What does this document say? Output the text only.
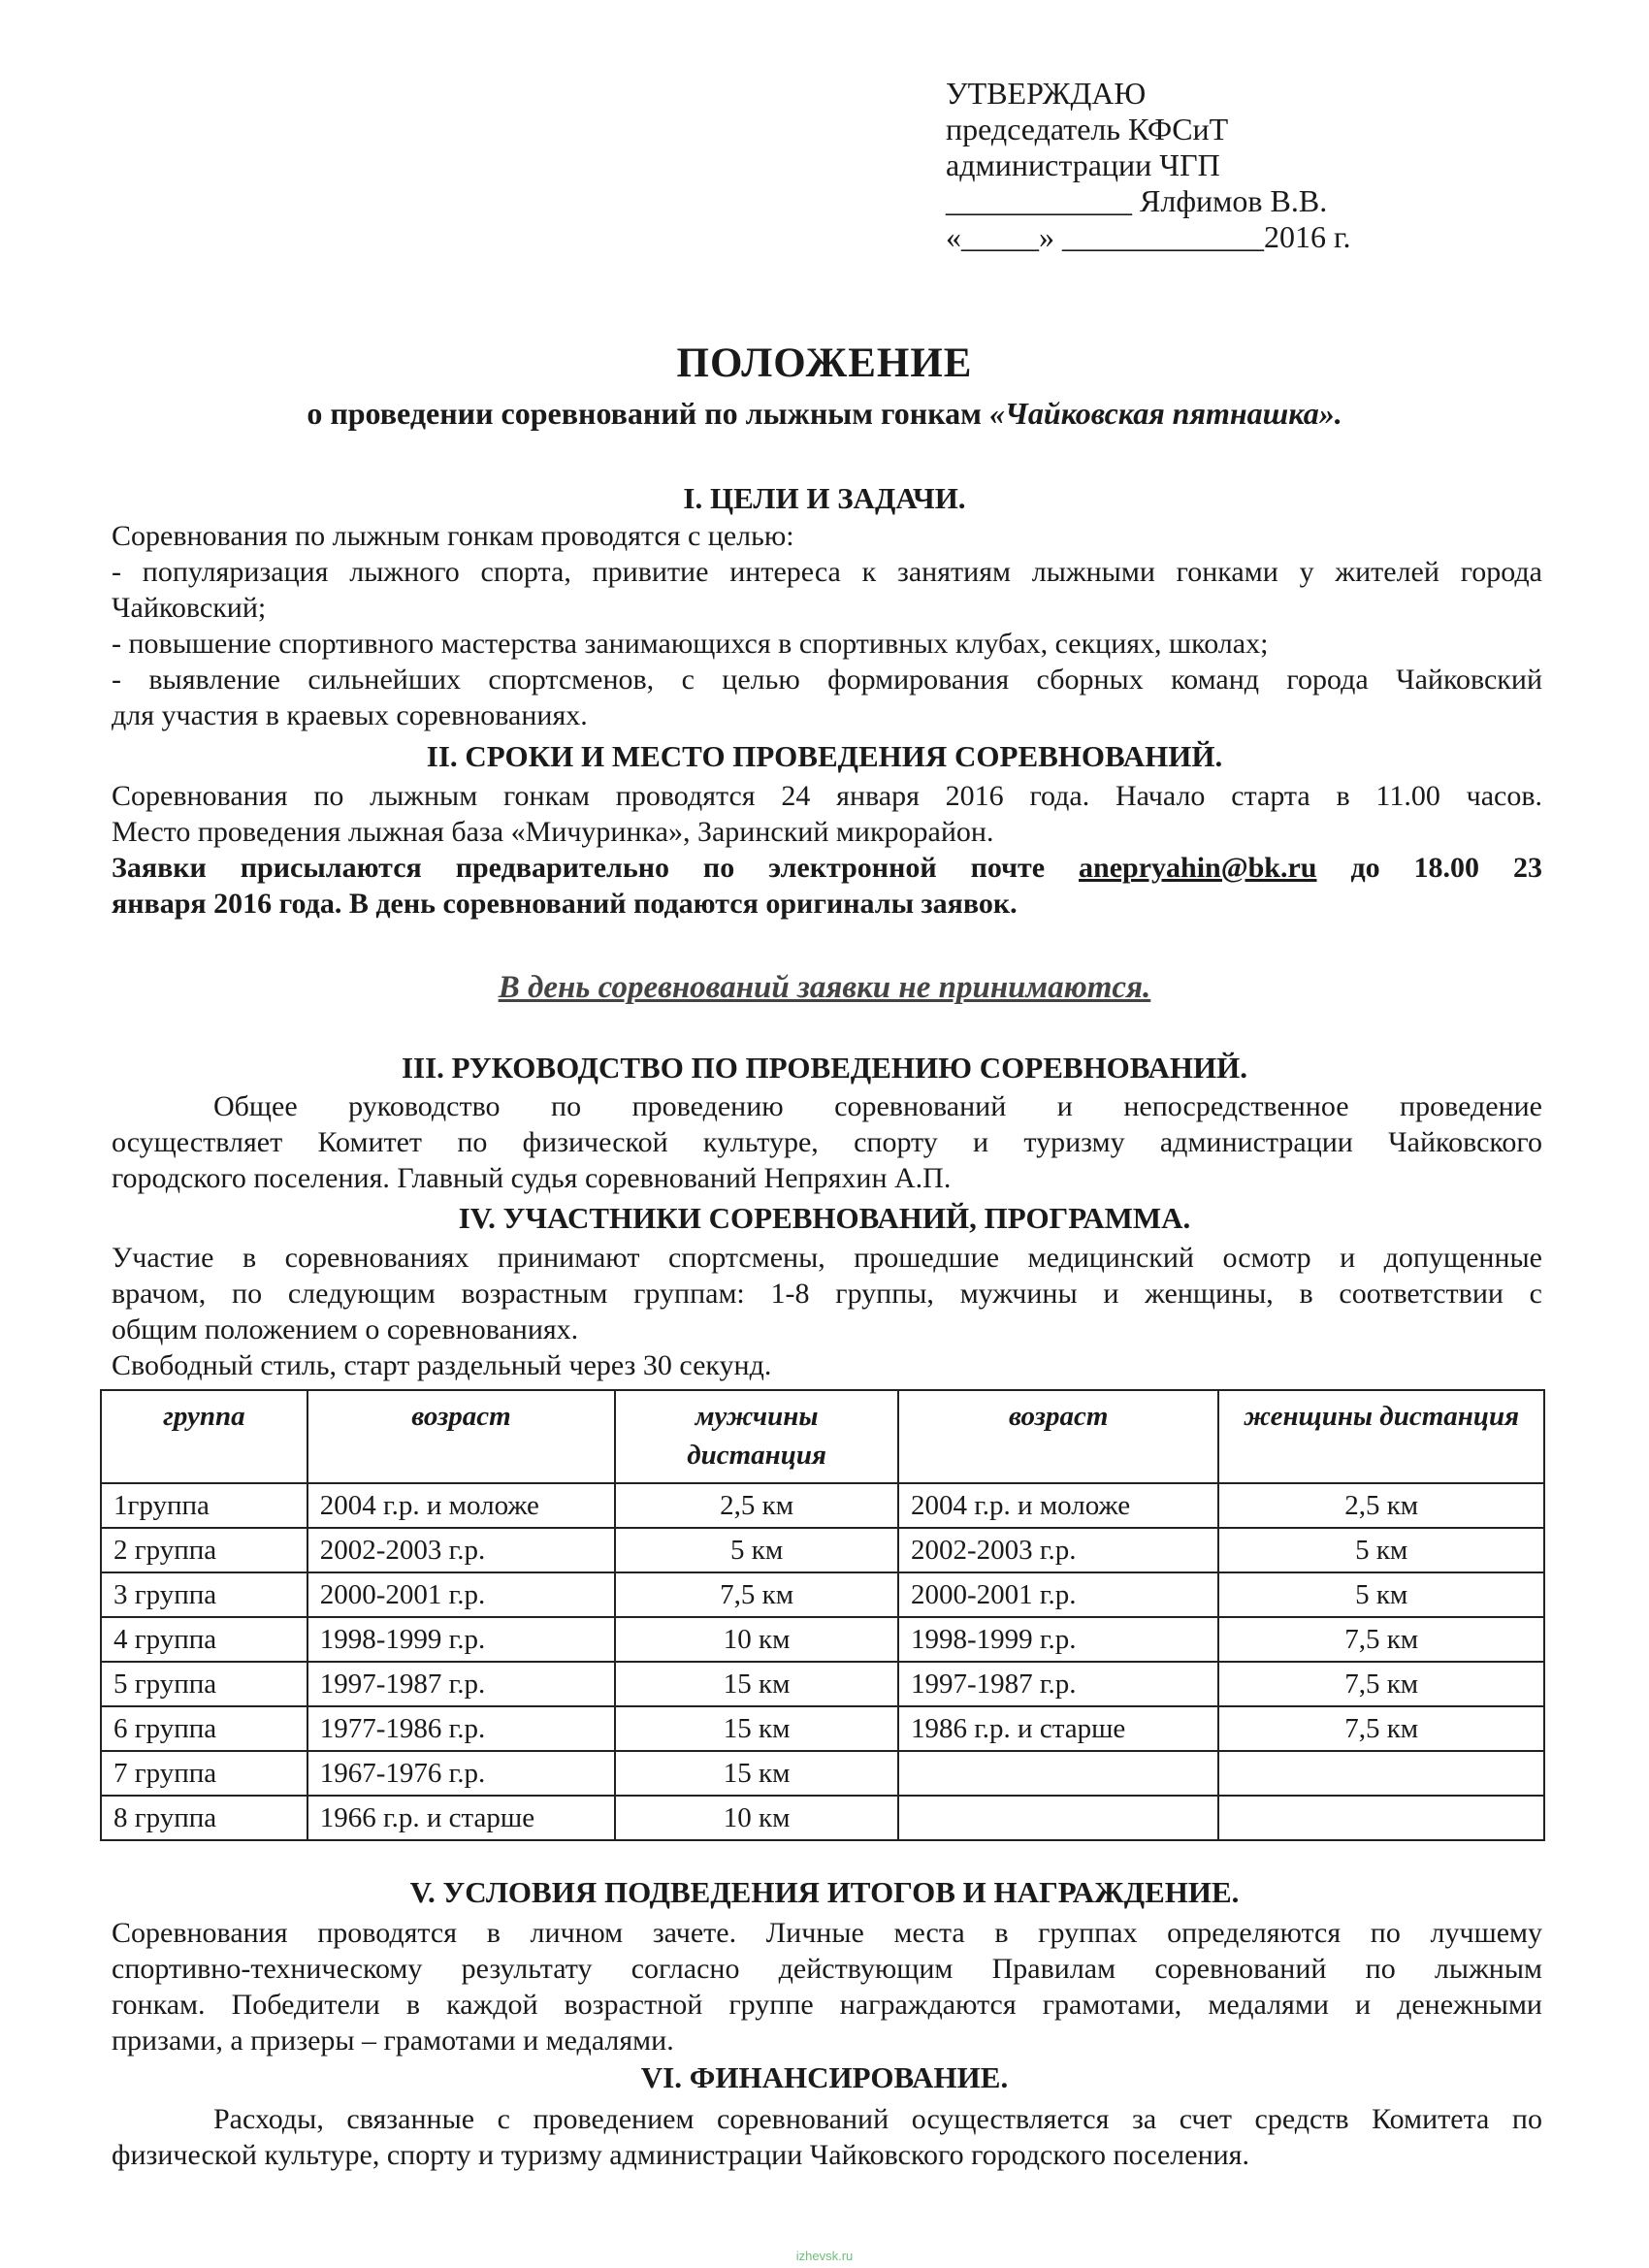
УТВЕРЖДАЮ
председатель КФСиТ
администрации ЧГП
____________ Ялфимов В.В.
«_____» _____________2016 г.
ПОЛОЖЕНИЕ
о проведении соревнований по лыжным гонкам «Чайковская пятнашка».
I. ЦЕЛИ И ЗАДАЧИ.
Соревнования по лыжным гонкам проводятся с целью:
- популяризация лыжного спорта, привитие интереса к занятиям лыжными гонками у жителей города
Чайковский;
- повышение спортивного мастерства занимающихся в спортивных клубах, секциях, школах;
- выявление сильнейших спортсменов, с целью формирования сборных команд города Чайковский
для участия в краевых соревнованиях.
II. СРОКИ И МЕСТО ПРОВЕДЕНИЯ СОРЕВНОВАНИЙ.
Соревнования по лыжным гонкам проводятся 24 января 2016 года. Начало старта в 11.00 часов.
Место проведения лыжная база «Мичуринка», Заринский микрорайон.
Заявки присылаются предварительно по электронной почте anepryahin@bk.ru до 18.00 23
января 2016 года. В день соревнований подаются оригиналы заявок.
В день соревнований заявки не принимаются.
III. РУКОВОДСТВО ПО ПРОВЕДЕНИЮ СОРЕВНОВАНИЙ.
Общее руководство по проведению соревнований и непосредственное проведение
осуществляет Комитет по физической культуре, спорту и туризму администрации Чайковского
городского поселения. Главный судья соревнований Непряхин А.П.
IV. УЧАСТНИКИ СОРЕВНОВАНИЙ, ПРОГРАММА.
Участие в соревнованиях принимают спортсмены, прошедшие медицинский осмотр и допущенные
врачом, по следующим возрастным группам: 1-8 группы, мужчины и женщины, в соответствии с
общим положением о соревнованиях.
Свободный стиль, старт раздельный через 30 секунд.
группа	возраст	мужчины дистанция	возраст	женщины дистанция
1группа	2004 г.р. и моложе	2,5 км	2004 г.р. и моложе	2,5 км
2 группа	2002-2003 г.р.	5 км	2002-2003 г.р.	5 км
3 группа	2000-2001 г.р.	7,5 км	2000-2001 г.р.	5 км
4 группа	1998-1999 г.р.	10 км	1998-1999 г.р.	7,5 км
5 группа	1997-1987 г.р.	15 км	1997-1987 г.р.	7,5 км
6 группа	1977-1986 г.р.	15 км	1986 г.р. и старше	7,5 км
7 группа	1967-1976 г.р.	15 км		
8 группа	1966 г.р. и старше	10 км		
V. УСЛОВИЯ ПОДВЕДЕНИЯ ИТОГОВ И НАГРАЖДЕНИЕ.
Соревнования проводятся в личном зачете. Личные места в группах определяются по лучшему
спортивно-техническому результату согласно действующим Правилам соревнований по лыжным
гонкам. Победители в каждой возрастной группе награждаются грамотами, медалями и денежными
призами, а призеры – грамотами и медалями.
VI. ФИНАНСИРОВАНИЕ.
Расходы, связанные с проведением соревнований осуществляется за счет средств Комитета по
физической культуре, спорту и туризму администрации Чайковского городского поселения.
izhevsk.ru
